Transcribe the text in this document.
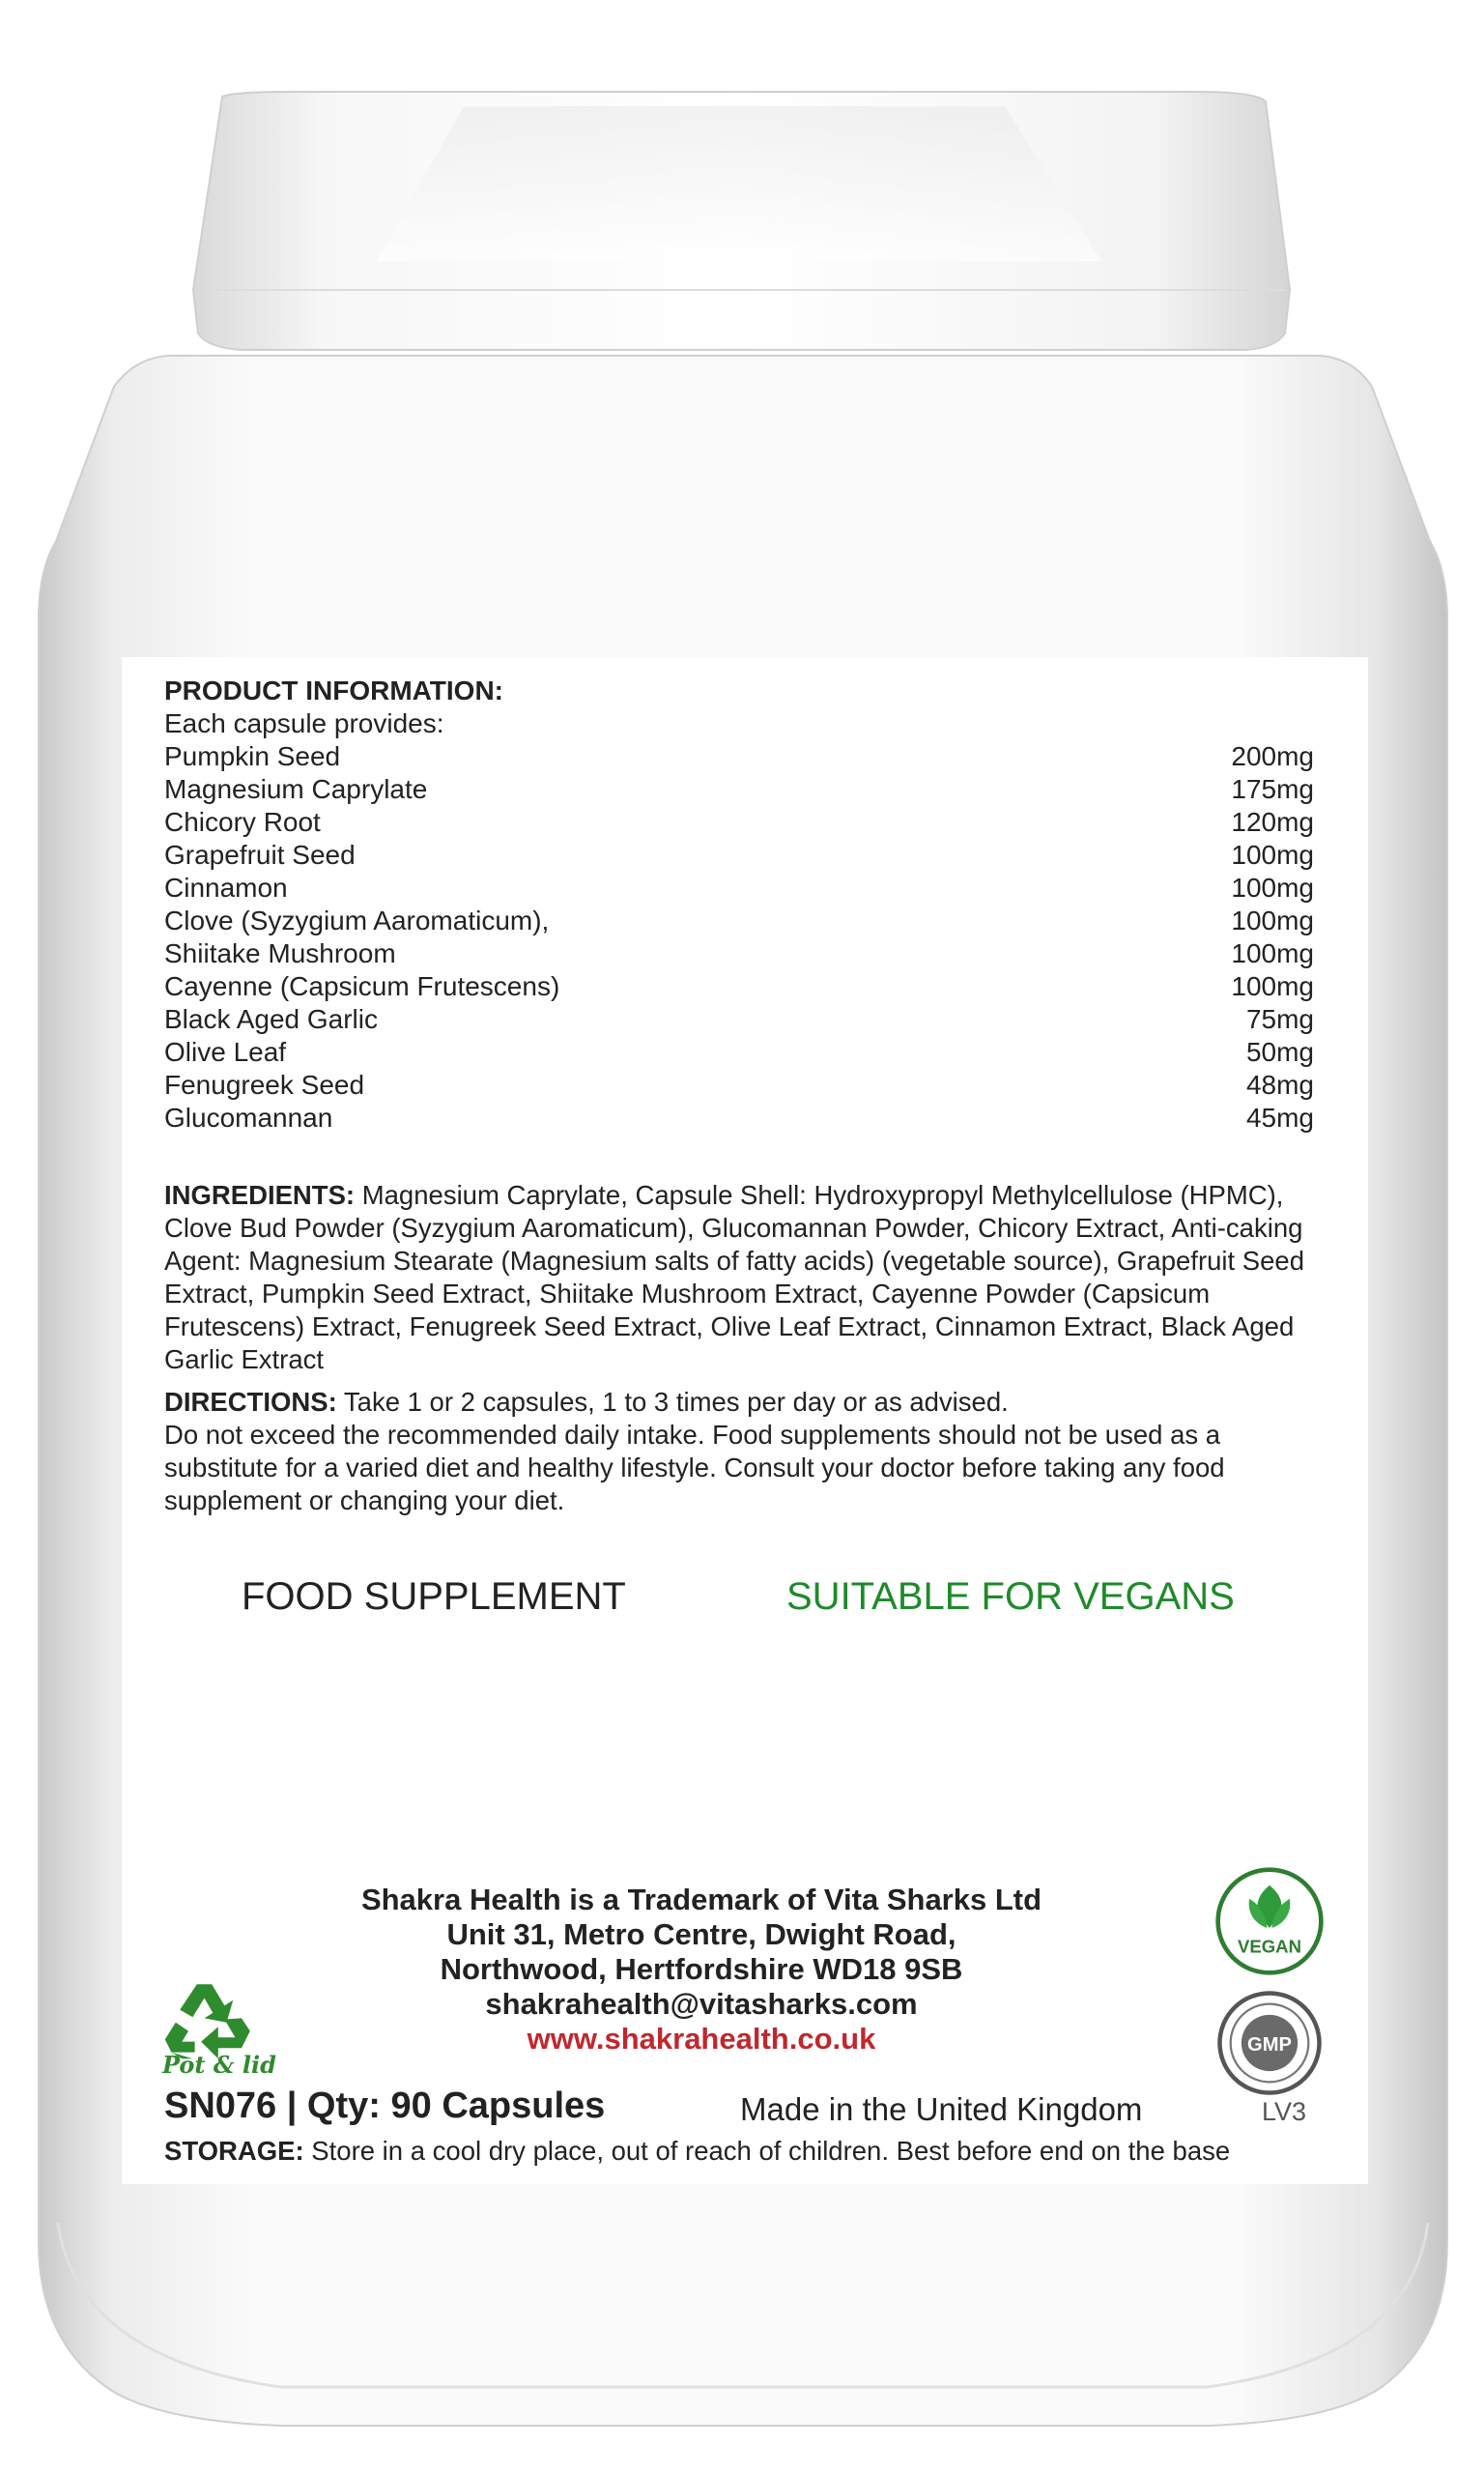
PRODUCT INFORMATION:
Each capsule provides:
Pumpkin Seed	200mg
Magnesium Caprylate	175mg
Chicory Root	120mg
Grapefruit Seed	100mg
Cinnamon	100mg
Clove (Syzygium Aaromaticum),	100mg
Shiitake Mushroom	100mg
Cayenne (Capsicum Frutescens)	100mg
Black Aged Garlic	75mg
Olive Leaf	50mg
Fenugreek Seed	48mg
Glucomannan	45mg
INGREDIENTS: Magnesium Caprylate, Capsule Shell: Hydroxypropyl Methylcellulose (HPMC), Clove Bud Powder (Syzygium Aaromaticum), Glucomannan Powder, Chicory Extract, Anti-caking Agent: Magnesium Stearate (Magnesium salts of fatty acids) (vegetable source), Grapefruit Seed Extract, Pumpkin Seed Extract, Shiitake Mushroom Extract, Cayenne Powder (Capsicum Frutescens) Extract, Fenugreek Seed Extract, Olive Leaf Extract, Cinnamon Extract, Black Aged Garlic Extract
DIRECTIONS: Take 1 or 2 capsules, 1 to 3 times per day or as advised.
Do not exceed the recommended daily intake. Food supplements should not be used as a substitute for a varied diet and healthy lifestyle. Consult your doctor before taking any food supplement or changing your diet.
FOOD SUPPLEMENT	SUITABLE FOR VEGANS
Shakra Health is a Trademark of Vita Sharks Ltd
Unit 31, Metro Centre, Dwight Road,
Northwood, Hertfordshire WD18 9SB
shakrahealth@vitasharks.com
www.shakrahealth.co.uk
Pot & lid
VEGAN
GMP
SN076 | Qty: 90 Capsules	Made in the United Kingdom	LV3
STORAGE: Store in a cool dry place, out of reach of children. Best before end on the base
